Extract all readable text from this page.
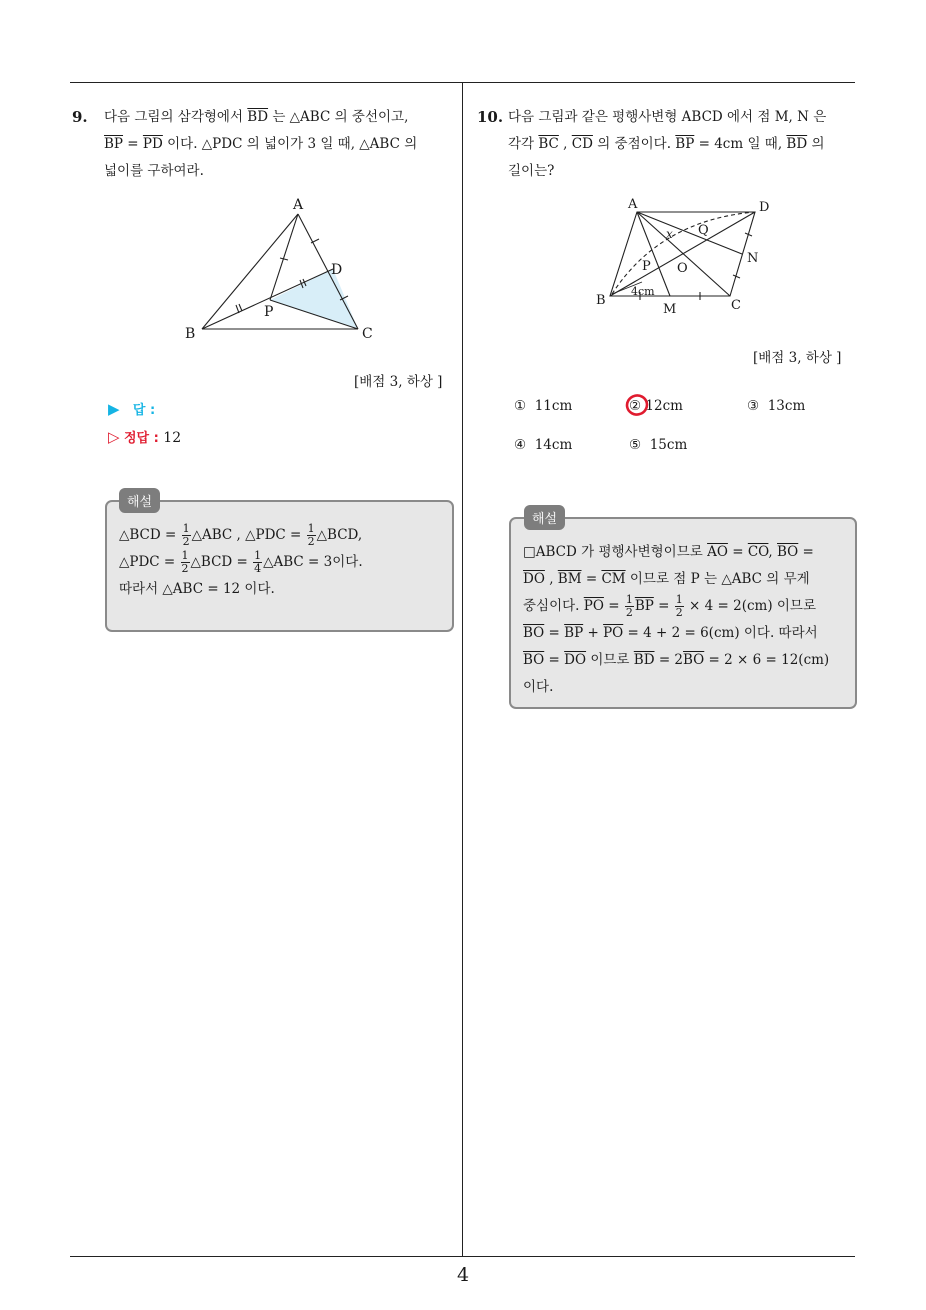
4
9. 다음 그림의 삼각형에서 $\overline{BD}$ 는 △ABC 의 중선이고,
$\overline{BP} = \overline{PD}$ 이다. △PDC 의 넓이가 3 일 때, △ABC 의
넓이를 구하여라.
A
B	C
D
P
[배점 3, 하상 ]
▶ 답 :
▷ 정답 : 12
△BCD = $\frac{1}{2}$ △ABC , △PDC = $\frac{1}{2}$ △BCD,
△PDC = $\frac{1}{2}$ △BCD = $\frac{1}{4}$ △ABC = 3이다.
따라서 △ABC = 12 이다.
해설
10. 다음 그림과 같은 평행사변형 ABCD 에서 점 M, N 은
각각 $\overline{BC}$ , $\overline{CD}$ 의 중점이다. $\overline{BP} = 4cm$ 일 때, $\overline{BD}$ 의
길이는?
A	D
B	C
M
N
O
P
Q
x
4cm
[배점 3, 하상 ]
① 11cm	② 12cm	③ 13cm
④ 14cm	⑤ 15cm
□ABCD 가 평행사변형이므로 $\overline{AO} = \overline{CO}$, $\overline{BO}$ =
$\overline{DO}$ , $\overline{BM} = \overline{CM}$ 이므로 점 P 는 △ABC 의 무게
중심이다. $\overline{PO} = \frac{1}{2} \overline{BP} = \frac{1}{2} \times 4 = 2(cm)$ 이므로
$\overline{BO} = \overline{BP} + \overline{PO} = 4 + 2 = 6(cm)$ 이다. 따라서
$\overline{BO} = \overline{DO}$ 이므로 $\overline{BD} = 2\overline{BO} = 2 \times 6 = 12(cm)$
이다.
해설
